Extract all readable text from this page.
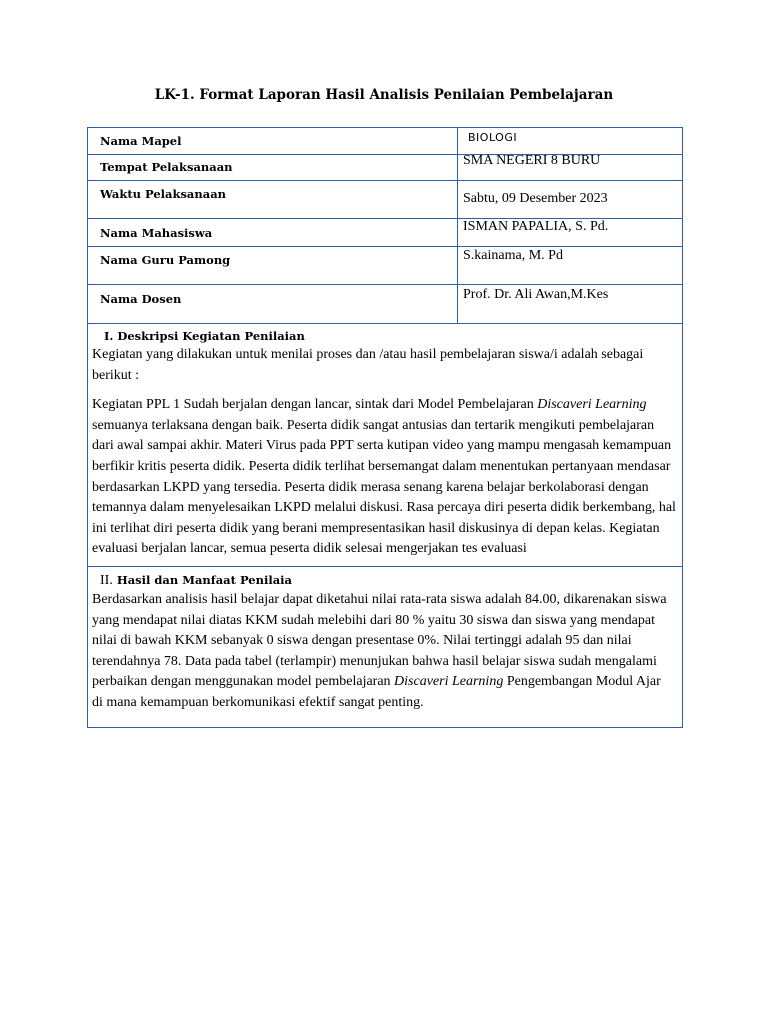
LK-1. Format Laporan Hasil Analisis Penilaian Pembelajaran
Nama Mapel	BIOLOGI
Tempat Pelaksanaan	SMA NEGERI 8 BURU
Waktu Pelaksanaan	Sabtu, 09 Desember 2023
Nama Mahasiswa	ISMAN PAPALIA, S. Pd.
Nama Guru Pamong	S.kainama, M. Pd
Nama Dosen	Prof. Dr. Ali Awan,M.Kes
I. Deskripsi Kegiatan Penilaian

Kegiatan yang dilakukan untuk menilai proses dan /atau hasil pembelajaran siswa/i adalah sebagai berikut :

Kegiatan PPL 1 Sudah berjalan dengan lancar, sintak dari Model Pembelajaran Discaveri Learning semuanya terlaksana dengan baik. Peserta didik sangat antusias dan tertarik mengikuti pembelajaran dari awal sampai akhir. Materi Virus pada PPT serta kutipan video yang mampu mengasah kemampuan berfikir kritis peserta didik. Peserta didik terlihat bersemangat dalam menentukan pertanyaan mendasar berdasarkan LKPD yang tersedia. Peserta didik merasa senang karena belajar berkolaborasi dengan temannya dalam menyelesaikan LKPD melalui diskusi. Rasa percaya diri peserta didik berkembang, hal ini terlihat diri peserta didik yang berani mempresentasikan hasil diskusinya di depan kelas. Kegiatan evaluasi berjalan lancar, semua peserta didik selesai mengerjakan tes evaluasi

II. Hasil dan Manfaat Penilaia

Berdasarkan analisis hasil belajar dapat diketahui nilai rata-rata siswa adalah 84.00, dikarenakan siswa yang mendapat nilai diatas KKM sudah melebihi dari 80 % yaitu 30 siswa dan siswa yang mendapat nilai di bawah KKM sebanyak 0 siswa dengan presentase 0%. Nilai tertinggi adalah 95 dan nilai terendahnya 78. Data pada tabel (terlampir) menunjukan bahwa hasil belajar siswa sudah mengalami perbaikan dengan menggunakan model pembelajaran Discaveri Learning Pengembangan Modul Ajar

di mana kemampuan berkomunikasi efektif sangat penting.
